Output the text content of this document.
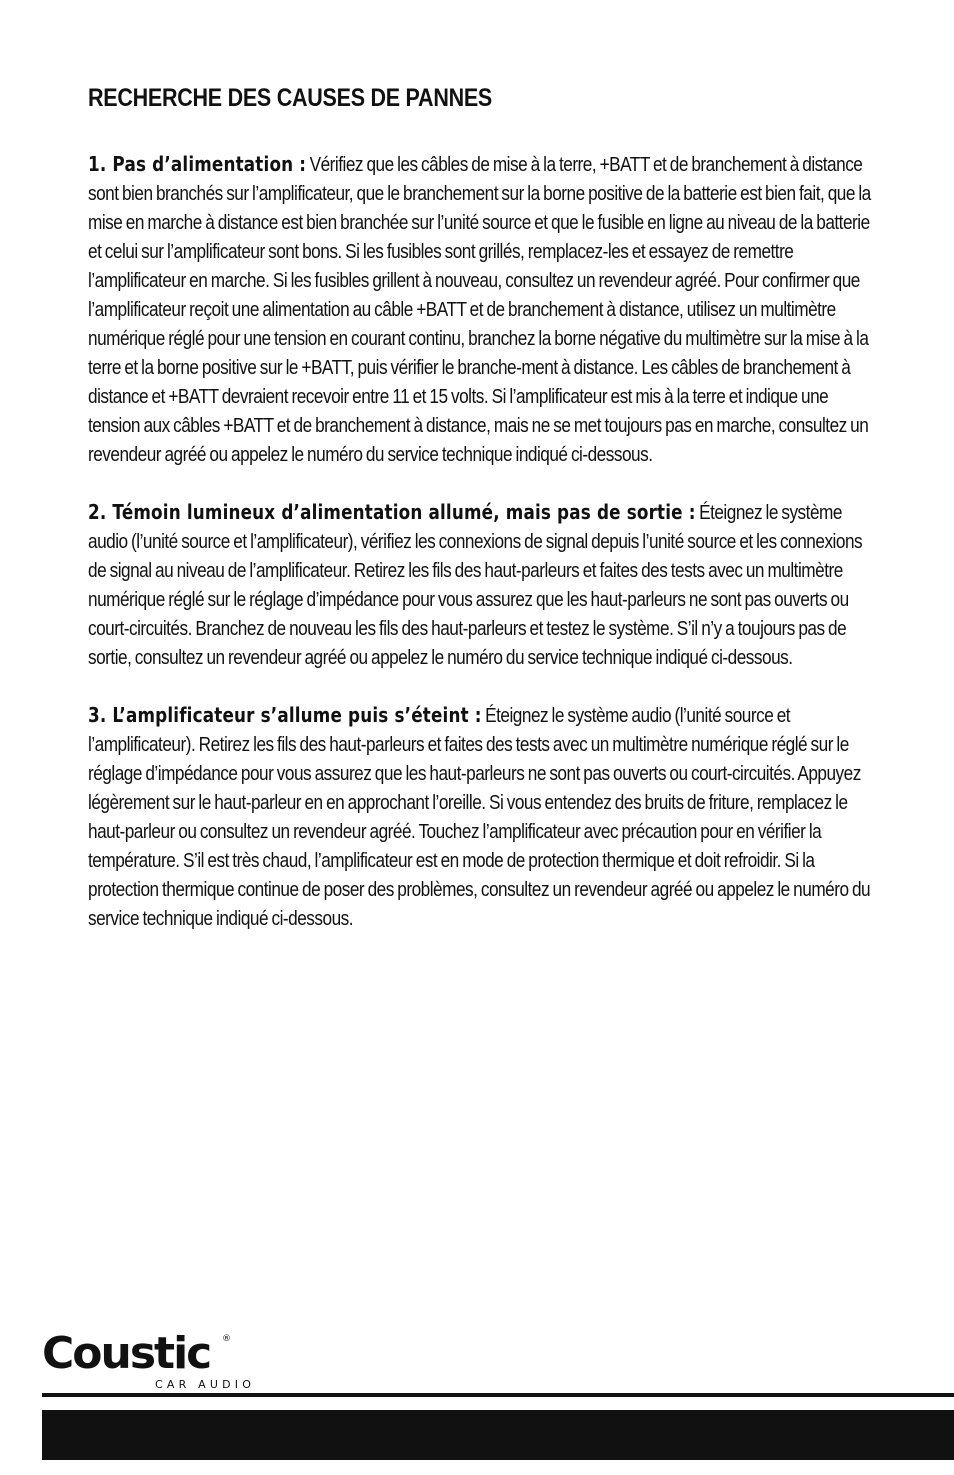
RECHERCHE DES CAUSES DE PANNES

1. Pas d’alimentation : Vérifiez que les câbles de mise à la terre, +BATT et de branchement à distance sont bien branchés sur l’amplificateur, que le branchement sur la borne positive de la batterie est bien fait, que la mise en marche à distance est bien branchée sur l’unité source et que le fusible en ligne au niveau de la batterie et celui sur l’amplificateur sont bons. Si les fusibles sont grillés, remplacez-les et essayez de remettre l’amplificateur en marche. Si les fusibles grillent à nouveau, consultez un revendeur agréé. Pour confirmer que l’amplificateur reçoit une alimentation au câble +BATT et de branchement à distance, utilisez un multimètre numérique réglé pour une tension en courant continu, branchez la borne négative du multimètre sur la mise à la terre et la borne positive sur le +BATT, puis vérifier le branche-ment à distance. Les câbles de branchement à distance et +BATT devraient recevoir entre 11 et 15 volts. Si l’amplificateur est mis à la terre et indique une tension aux câbles +BATT et de branchement à distance, mais ne se met toujours pas en marche, consultez un revendeur agréé ou appelez le numéro du service technique indiqué ci-dessous.

2. Témoin lumineux d’alimentation allumé, mais pas de sortie : Éteignez le système audio (l’unité source et l’amplificateur), vérifiez les connexions de signal depuis l’unité source et les connexions de signal au niveau de l’amplificateur. Retirez les fils des haut-parleurs et faites des tests avec un multimètre numérique réglé sur le réglage d’impédance pour vous assurez que les haut-parleurs ne sont pas ouverts ou court-circuités. Branchez de nouveau les fils des haut-parleurs et testez le système. S’il n’y a toujours pas de sortie, consultez un revendeur agréé ou appelez le numéro du service technique indiqué ci-dessous.

3. L’amplificateur s’allume puis s’éteint : Éteignez le système audio (l’unité source et l’amplificateur). Retirez les fils des haut-parleurs et faites des tests avec un multimètre numérique réglé sur le réglage d’impédance pour vous assurez que les haut-parleurs ne sont pas ouverts ou court-circuités. Appuyez légèrement sur le haut-parleur en en approchant l’oreille. Si vous entendez des bruits de friture, remplacez le haut-parleur ou consultez un revendeur agréé. Touchez l’amplificateur avec précaution pour en vérifier la température. S’il est très chaud, l’amplificateur est en mode de protection thermique et doit refroidir. Si la protection thermique continue de poser des problèmes, consultez un revendeur agréé ou appelez le numéro du service technique indiqué ci-dessous.

Coustic ®
CAR AUDIO
